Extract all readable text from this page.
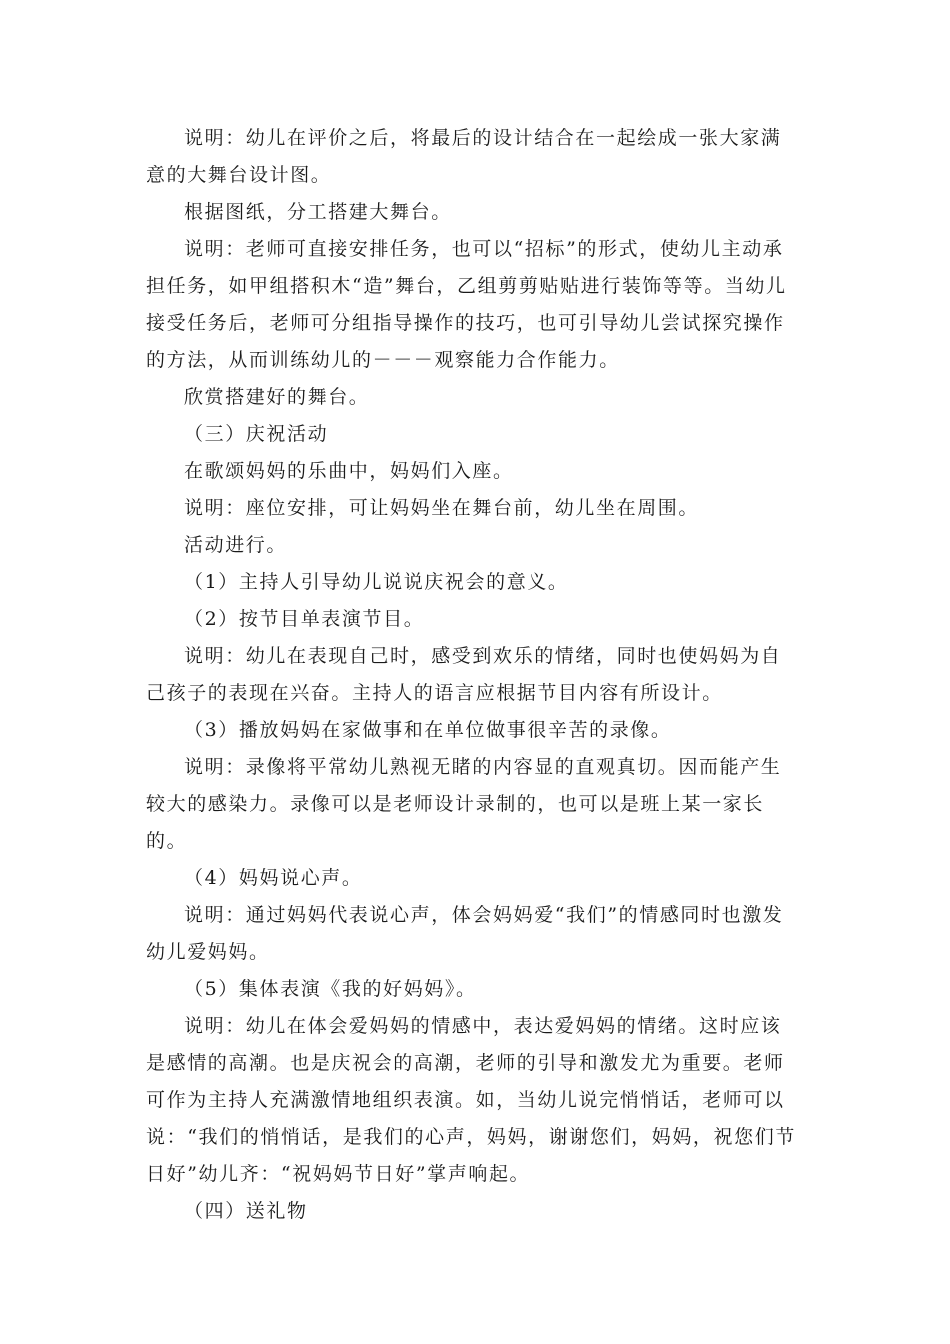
说明：幼儿在评价之后，将最后的设计结合在一起绘成一张大家满意的大舞台设计图。

根据图纸，分工搭建大舞台。

说明：老师可直接安排任务，也可以“招标”的形式，使幼儿主动承担任务，如甲组搭积木“造”舞台，乙组剪剪贴贴进行装饰等等。当幼儿接受任务后，老师可分组指导操作的技巧，也可引导幼儿尝试探究操作的方法，从而训练幼儿的－－－观察能力合作能力。

欣赏搭建好的舞台。

（三）庆祝活动

在歌颂妈妈的乐曲中，妈妈们入座。

说明：座位安排，可让妈妈坐在舞台前，幼儿坐在周围。

活动进行。

（1）主持人引导幼儿说说庆祝会的意义。

（2）按节目单表演节目。

说明：幼儿在表现自己时，感受到欢乐的情绪，同时也使妈妈为自己孩子的表现在兴奋。主持人的语言应根据节目内容有所设计。

（3）播放妈妈在家做事和在单位做事很辛苦的录像。

说明：录像将平常幼儿熟视无睹的内容显的直观真切。因而能产生较大的感染力。录像可以是老师设计录制的，也可以是班上某一家长的。

（4）妈妈说心声。

说明：通过妈妈代表说心声，体会妈妈爱“我们”的情感同时也激发幼儿爱妈妈。

（5）集体表演《我的好妈妈》。

说明：幼儿在体会爱妈妈的情感中，表达爱妈妈的情绪。这时应该是感情的高潮。也是庆祝会的高潮，老师的引导和激发尤为重要。老师可作为主持人充满激情地组织表演。如，当幼儿说完悄悄话，老师可以说：“我们的悄悄话，是我们的心声，妈妈，谢谢您们，妈妈，祝您们节日好”幼儿齐：“祝妈妈节日好”掌声响起。

（四）送礼物
